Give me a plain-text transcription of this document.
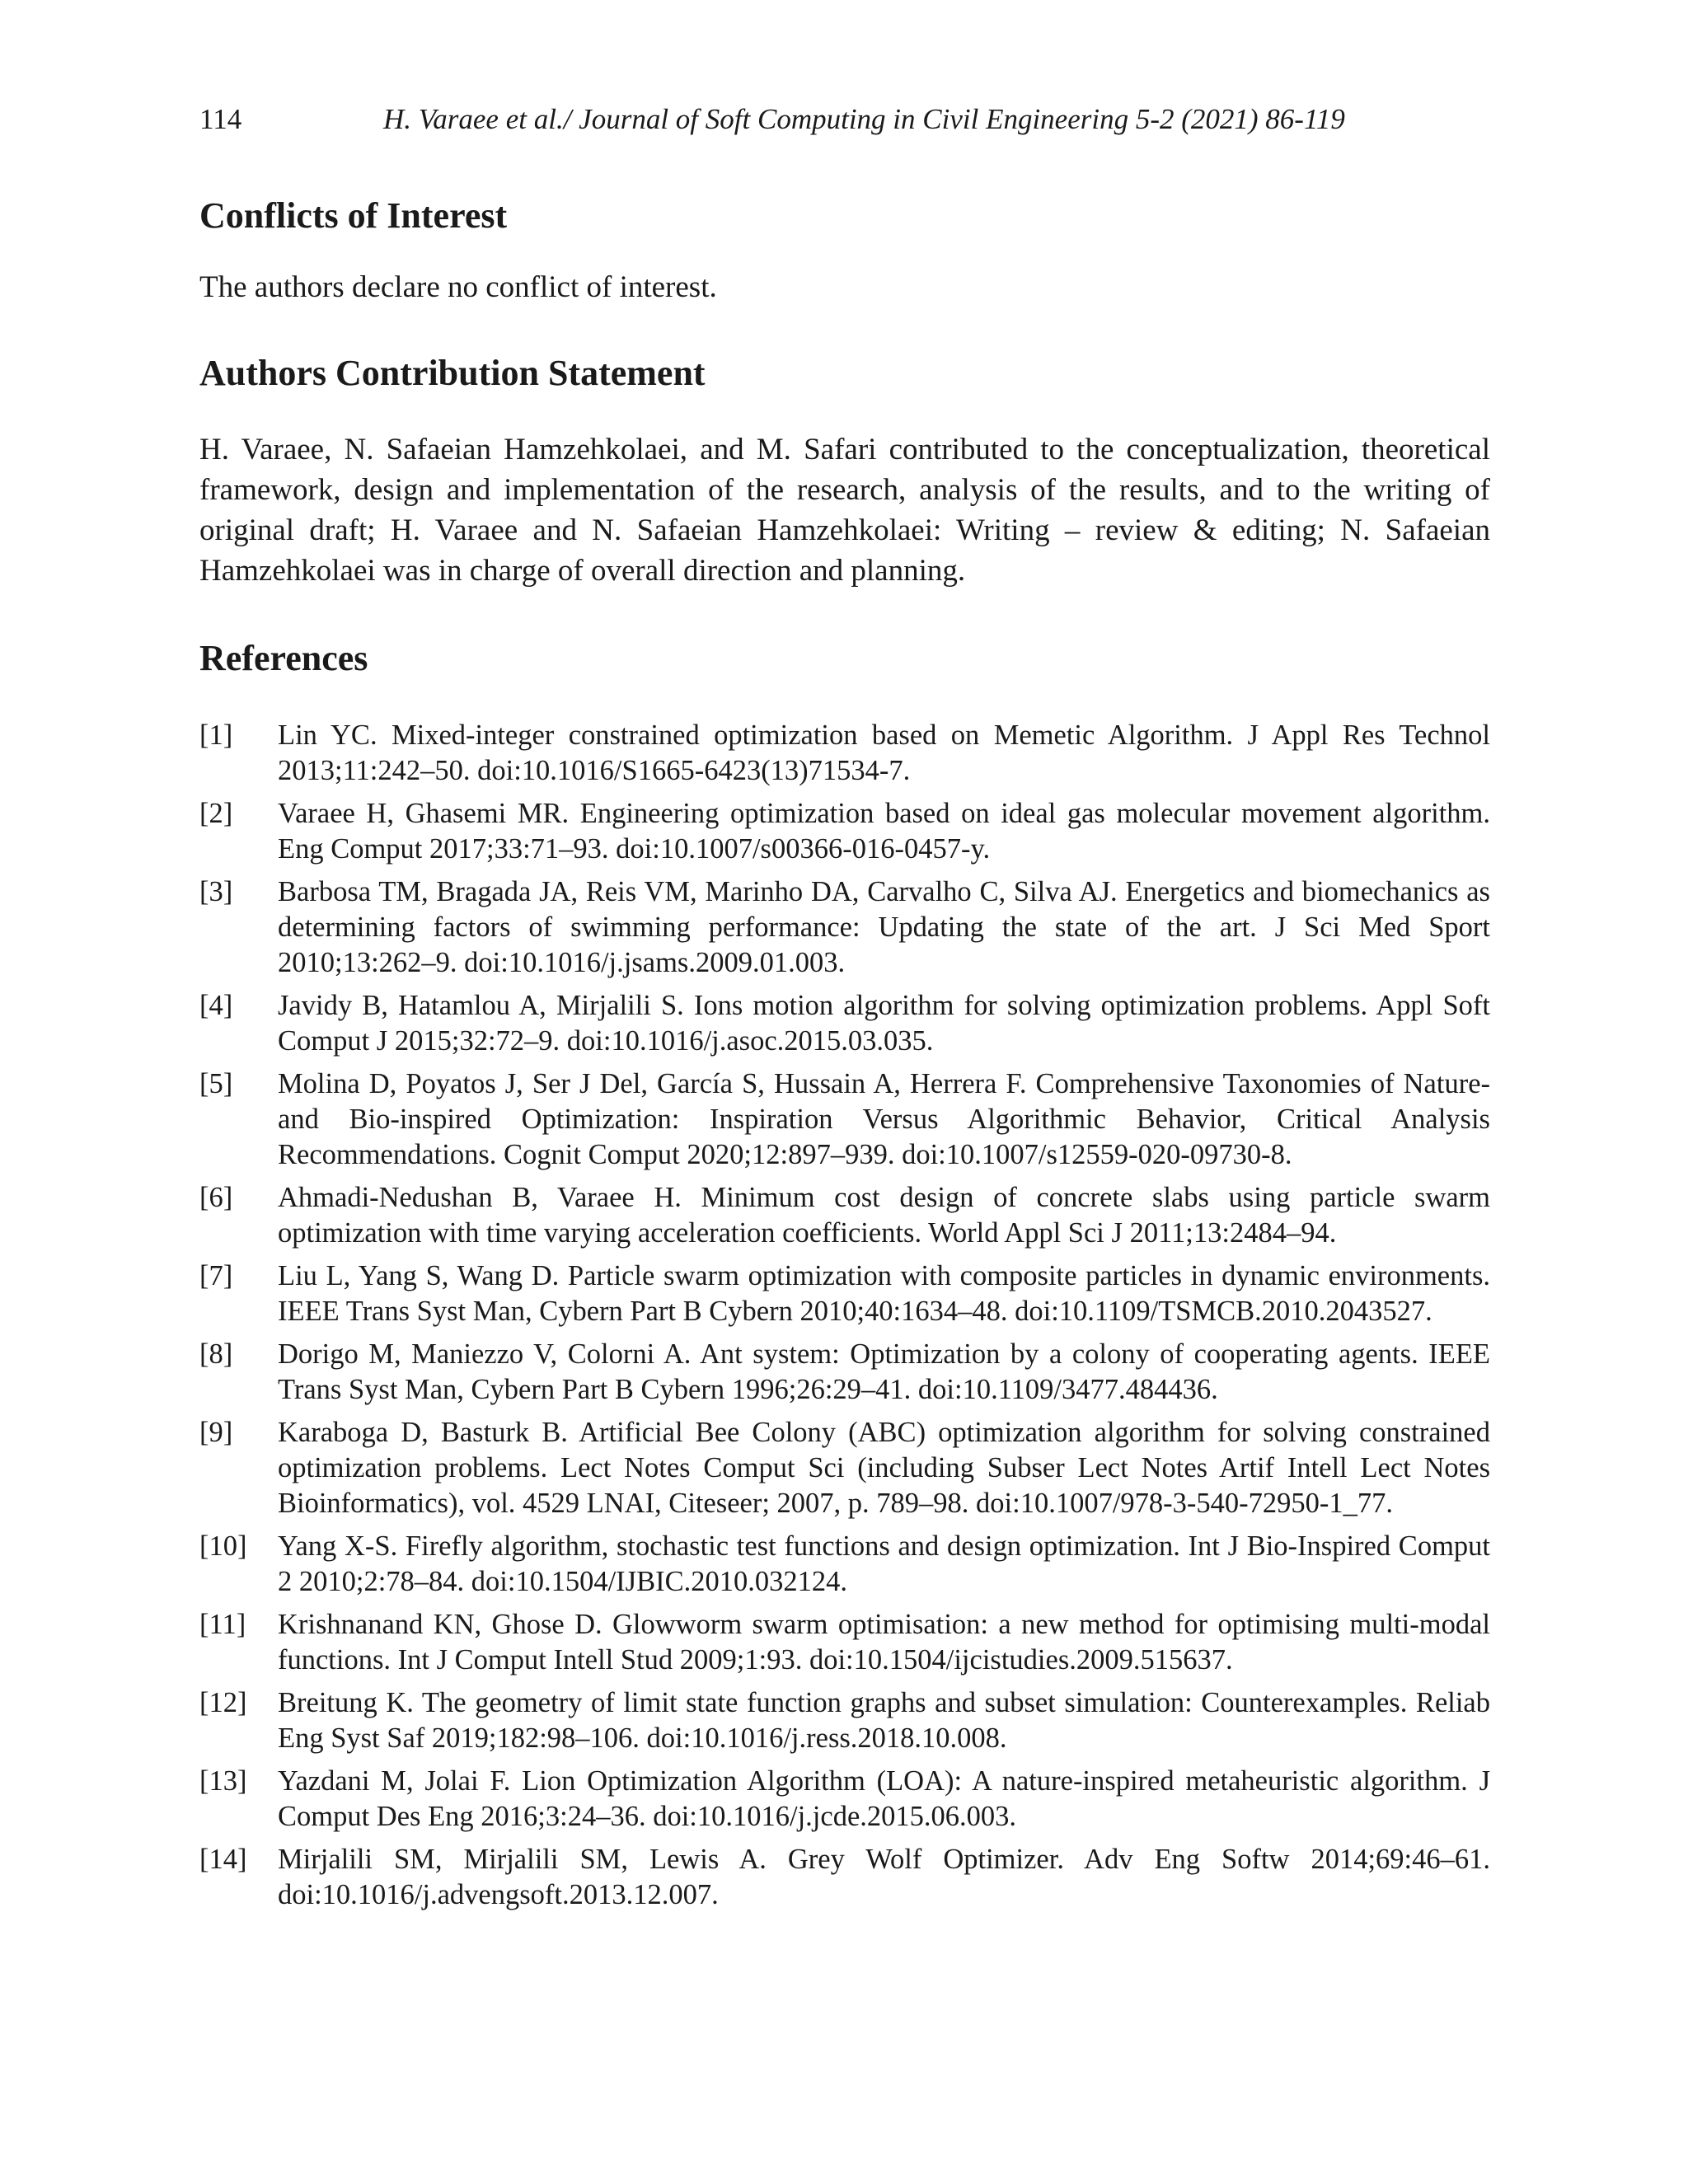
114	H. Varaee et al./ Journal of Soft Computing in Civil Engineering 5-2 (2021) 86-119
Conflicts of Interest

The authors declare no conflict of interest.

Authors Contribution Statement

H. Varaee, N. Safaeian Hamzehkolaei, and M. Safari contributed to the conceptualization, theoretical framework, design and implementation of the research, analysis of the results, and to the writing of original draft; H. Varaee and N. Safaeian Hamzehkolaei: Writing – review & editing; N. Safaeian Hamzehkolaei was in charge of overall direction and planning.

References
[1]	Lin YC. Mixed-integer constrained optimization based on Memetic Algorithm. J Appl Res Technol 2013;11:242–50. doi:10.1016/S1665-6423(13)71534-7.
[2]	Varaee H, Ghasemi MR. Engineering optimization based on ideal gas molecular movement algorithm. Eng Comput 2017;33:71–93. doi:10.1007/s00366-016-0457-y.
[3]	Barbosa TM, Bragada JA, Reis VM, Marinho DA, Carvalho C, Silva AJ. Energetics and biomechanics as determining factors of swimming performance: Updating the state of the art. J Sci Med Sport 2010;13:262–9. doi:10.1016/j.jsams.2009.01.003.
[4]	Javidy B, Hatamlou A, Mirjalili S. Ions motion algorithm for solving optimization problems. Appl Soft Comput J 2015;32:72–9. doi:10.1016/j.asoc.2015.03.035.
[5]	Molina D, Poyatos J, Ser J Del, García S, Hussain A, Herrera F. Comprehensive Taxonomies of Nature- and Bio-inspired Optimization: Inspiration Versus Algorithmic Behavior, Critical Analysis Recommendations. Cognit Comput 2020;12:897–939. doi:10.1007/s12559-020-09730-8.
[6]	Ahmadi-Nedushan B, Varaee H. Minimum cost design of concrete slabs using particle swarm optimization with time varying acceleration coefficients. World Appl Sci J 2011;13:2484–94.
[7]	Liu L, Yang S, Wang D. Particle swarm optimization with composite particles in dynamic environments. IEEE Trans Syst Man, Cybern Part B Cybern 2010;40:1634–48. doi:10.1109/TSMCB.2010.2043527.
[8]	Dorigo M, Maniezzo V, Colorni A. Ant system: Optimization by a colony of cooperating agents. IEEE Trans Syst Man, Cybern Part B Cybern 1996;26:29–41. doi:10.1109/3477.484436.
[9]	Karaboga D, Basturk B. Artificial Bee Colony (ABC) optimization algorithm for solving constrained optimization problems. Lect Notes Comput Sci (including Subser Lect Notes Artif Intell Lect Notes Bioinformatics), vol. 4529 LNAI, Citeseer; 2007, p. 789–98. doi:10.1007/978-3-540-72950-1_77.
[10]	Yang X-S. Firefly algorithm, stochastic test functions and design optimization. Int J Bio-Inspired Comput 2 2010;2:78–84. doi:10.1504/IJBIC.2010.032124.
[11]	Krishnanand KN, Ghose D. Glowworm swarm optimisation: a new method for optimising multi-modal functions. Int J Comput Intell Stud 2009;1:93. doi:10.1504/ijcistudies.2009.515637.
[12]	Breitung K. The geometry of limit state function graphs and subset simulation: Counterexamples. Reliab Eng Syst Saf 2019;182:98–106. doi:10.1016/j.ress.2018.10.008.
[13]	Yazdani M, Jolai F. Lion Optimization Algorithm (LOA): A nature-inspired metaheuristic algorithm. J Comput Des Eng 2016;3:24–36. doi:10.1016/j.jcde.2015.06.003.
[14]	Mirjalili SM, Mirjalili SM, Lewis A. Grey Wolf Optimizer. Adv Eng Softw 2014;69:46–61. doi:10.1016/j.advengsoft.2013.12.007.
